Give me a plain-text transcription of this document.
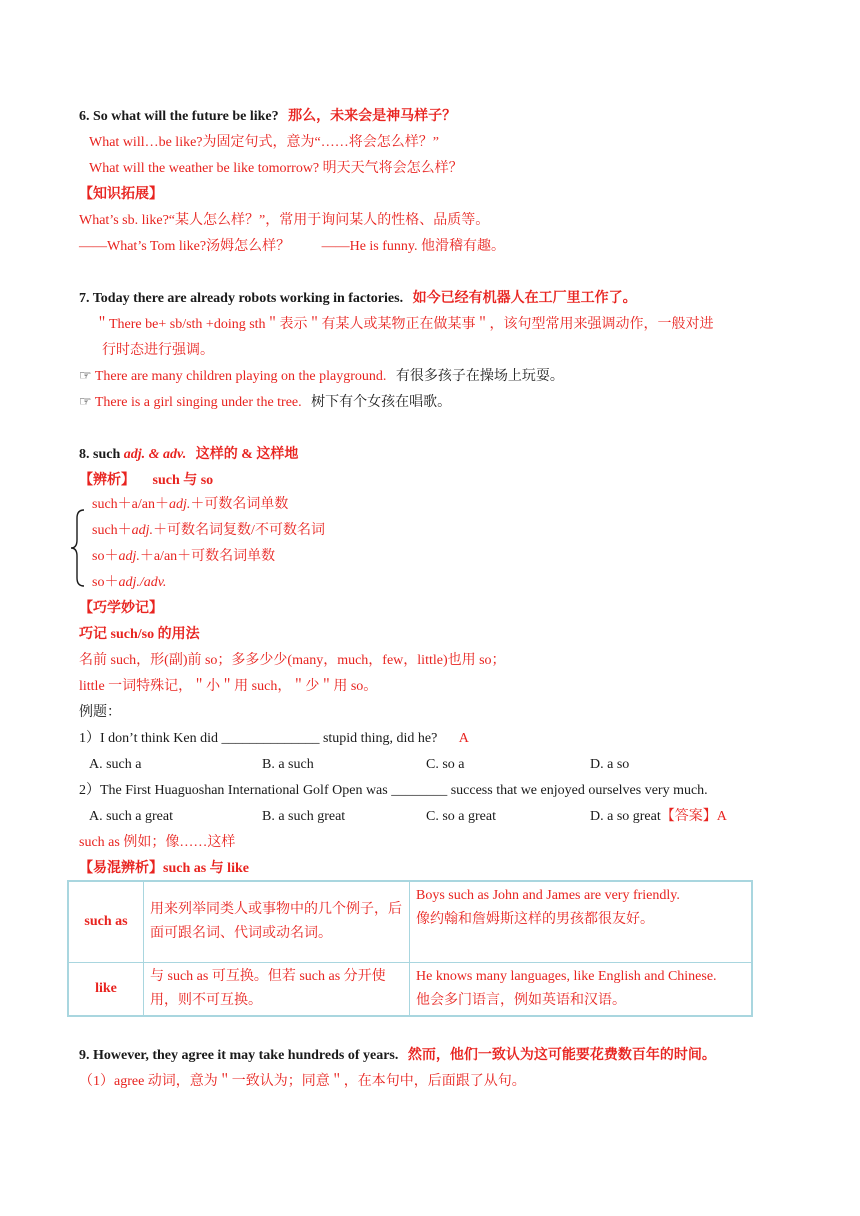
6. So what will the future be like? 那么，未来会是神马样子？
What will…be like?为固定句式，意为“……将会怎么样？”
What will the weather be like tomorrow? 明天天气将会怎么样？
【知识拓展】
What’s sb. like?“某人怎么样？”，常用于询问某人的性格、品质等。
——What’s Tom like?汤姆怎么样？ ——He is funny. 他滑稽有趣。
7. Today there are already robots working in factories. 如今已经有机器人在工厂里工作了。
＂There be+ sb/sth +doing sth＂表示＂有某人或某物正在做某事＂，该句型常用来强调动作，一般对进
行时态进行强调。
☞ There are many children playing on the playground. 有很多孩子在操场上玩耍。
☞ There is a girl singing under the tree. 树下有个女孩在唱歌。
8. such adj. & adv. 这样的 & 这样地
【辨析】 such 与 so
such＋a/an＋adj.＋可数名词单数
such＋adj.＋可数名词复数/不可数名词
so＋adj.＋a/an＋可数名词单数
so＋adj./adv.
【巧学妙记】
巧记 such/so 的用法
名前 such，形(副)前 so；多多少少(many，much，few，little)也用 so；
little 一词特殊记，＂小＂用 such，＂少＂用 so。
例题：
1）I don’t think Ken did ______________ stupid thing, did he? A
A. such a	B. a such	C. so a	D. a so
2）The First Huaguoshan International Golf Open was ________ success that we enjoyed ourselves very much.
A. such a great	B. a such great	C. so a great	D. a so great【答案】A
such as 例如；像……这样
【易混辨析】such as 与 like
such as	用来列举同类人或事物中的几个例子，后面可跟名词、代词或动名词。	Boys such as John and James are very friendly.
像约翰和詹姆斯这样的男孩都很友好。

like	与 such as 可互换。但若 such as 分开使用，则不可互换。	He knows many languages, like English and Chinese.
他会多门语言，例如英语和汉语。
9. However, they agree it may take hundreds of years. 然而，他们一致认为这可能要花费数百年的时间。
（1）agree 动词，意为＂一致认为；同意＂，在本句中，后面跟了从句。
